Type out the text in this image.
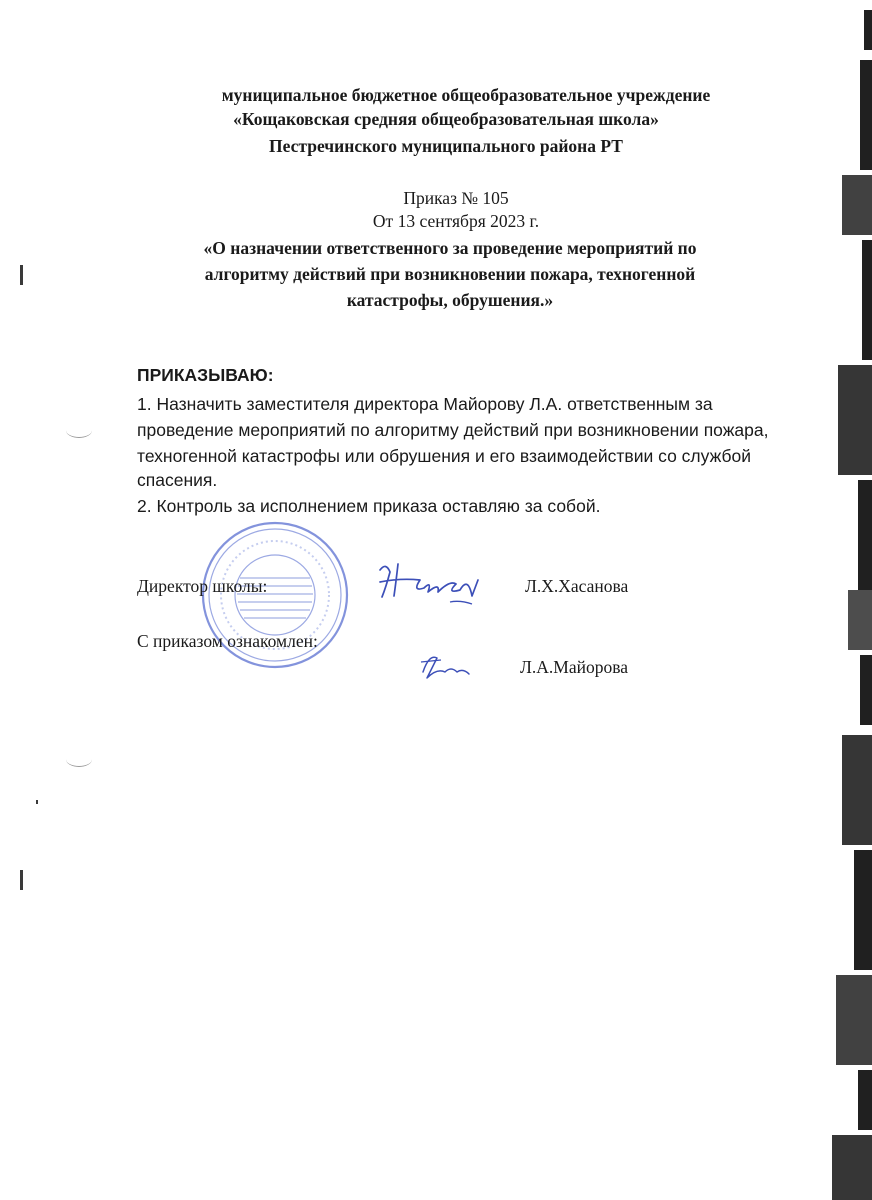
муниципальное бюджетное общеобразовательное учреждение
«Кощаковская средняя общеобразовательная школа»
Пестречинского муниципального района РТ
Приказ № 105
От 13 сентября 2023 г.
«О назначении ответственного за проведение мероприятий по
алгоритму действий при возникновении пожара, техногенной
катастрофы, обрушения.»
ПРИКАЗЫВАЮ:
1. Назначить заместителя директора Майорову Л.А. ответственным за
проведение мероприятий по алгоритму действий при возникновении пожара,
техногенной катастрофы или обрушения и его взаимодействии со службой
спасения.
2. Контроль за исполнением приказа оставляю за собой.
Директор школы:	Л.Х.Хасанова
С приказом ознакомлен:
Л.А.Майорова
